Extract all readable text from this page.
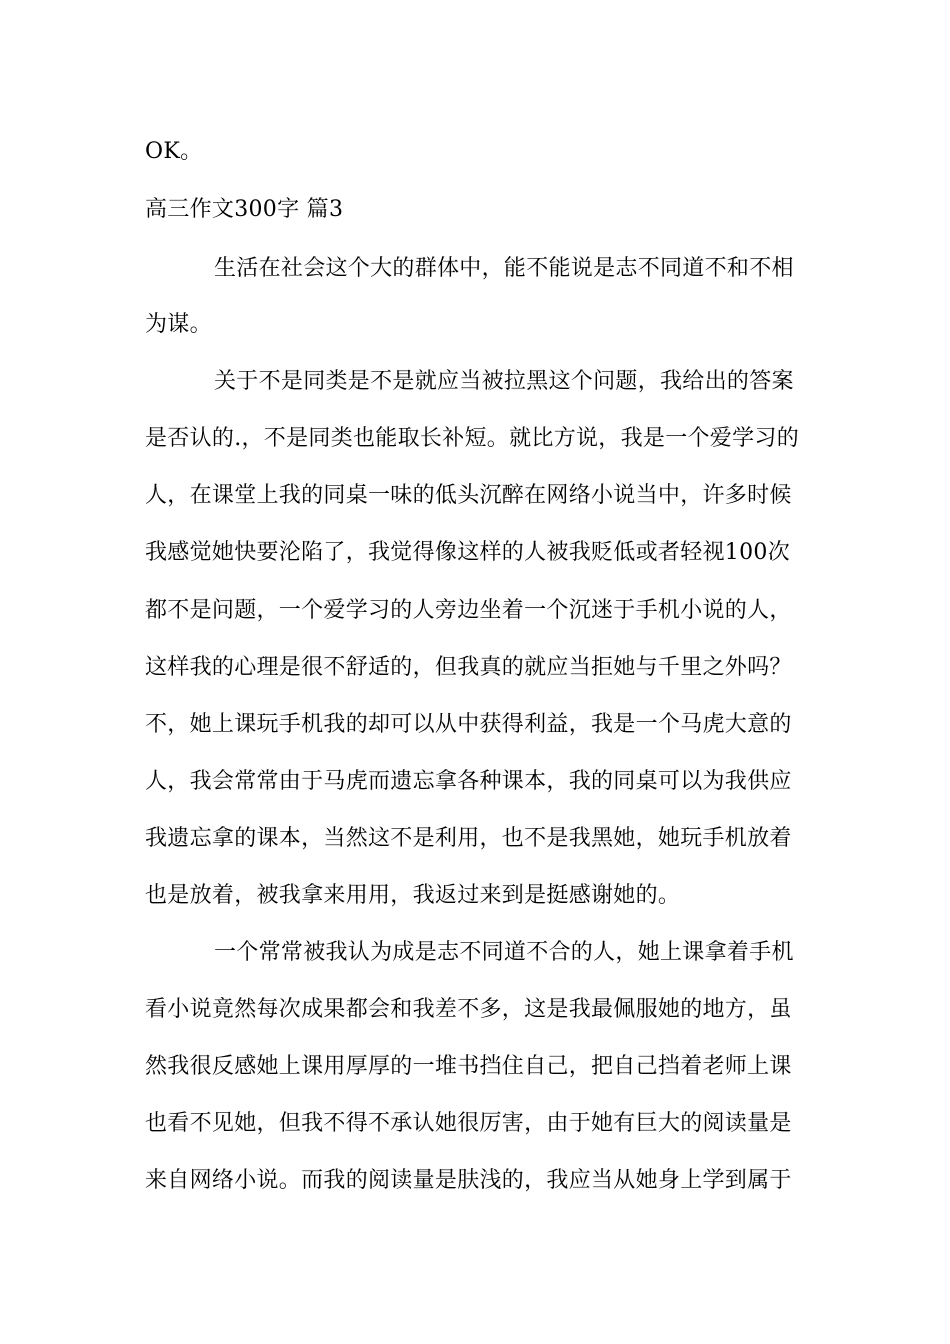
OK。

高三作文300字 篇3

生活在社会这个大的群体中，能不能说是志不同道不和不相

为谋。

关于不是同类是不是就应当被拉黑这个问题，我给出的答案

是否认的.，不是同类也能取长补短。就比方说，我是一个爱学习的

人，在课堂上我的同桌一味的低头沉醉在网络小说当中，许多时候

我感觉她快要沦陷了，我觉得像这样的人被我贬低或者轻视100次

都不是问题，一个爱学习的人旁边坐着一个沉迷于手机小说的人，

这样我的心理是很不舒适的，但我真的就应当拒她与千里之外吗？

不，她上课玩手机我的却可以从中获得利益，我是一个马虎大意的

人，我会常常由于马虎而遗忘拿各种课本，我的同桌可以为我供应

我遗忘拿的课本，当然这不是利用，也不是我黑她，她玩手机放着

也是放着，被我拿来用用，我返过来到是挺感谢她的。

一个常常被我认为成是志不同道不合的人，她上课拿着手机

看小说竟然每次成果都会和我差不多，这是我最佩服她的地方，虽

然我很反感她上课用厚厚的一堆书挡住自己，把自己挡着老师上课

也看不见她，但我不得不承认她很厉害，由于她有巨大的阅读量是

来自网络小说。而我的阅读量是肤浅的，我应当从她身上学到属于
